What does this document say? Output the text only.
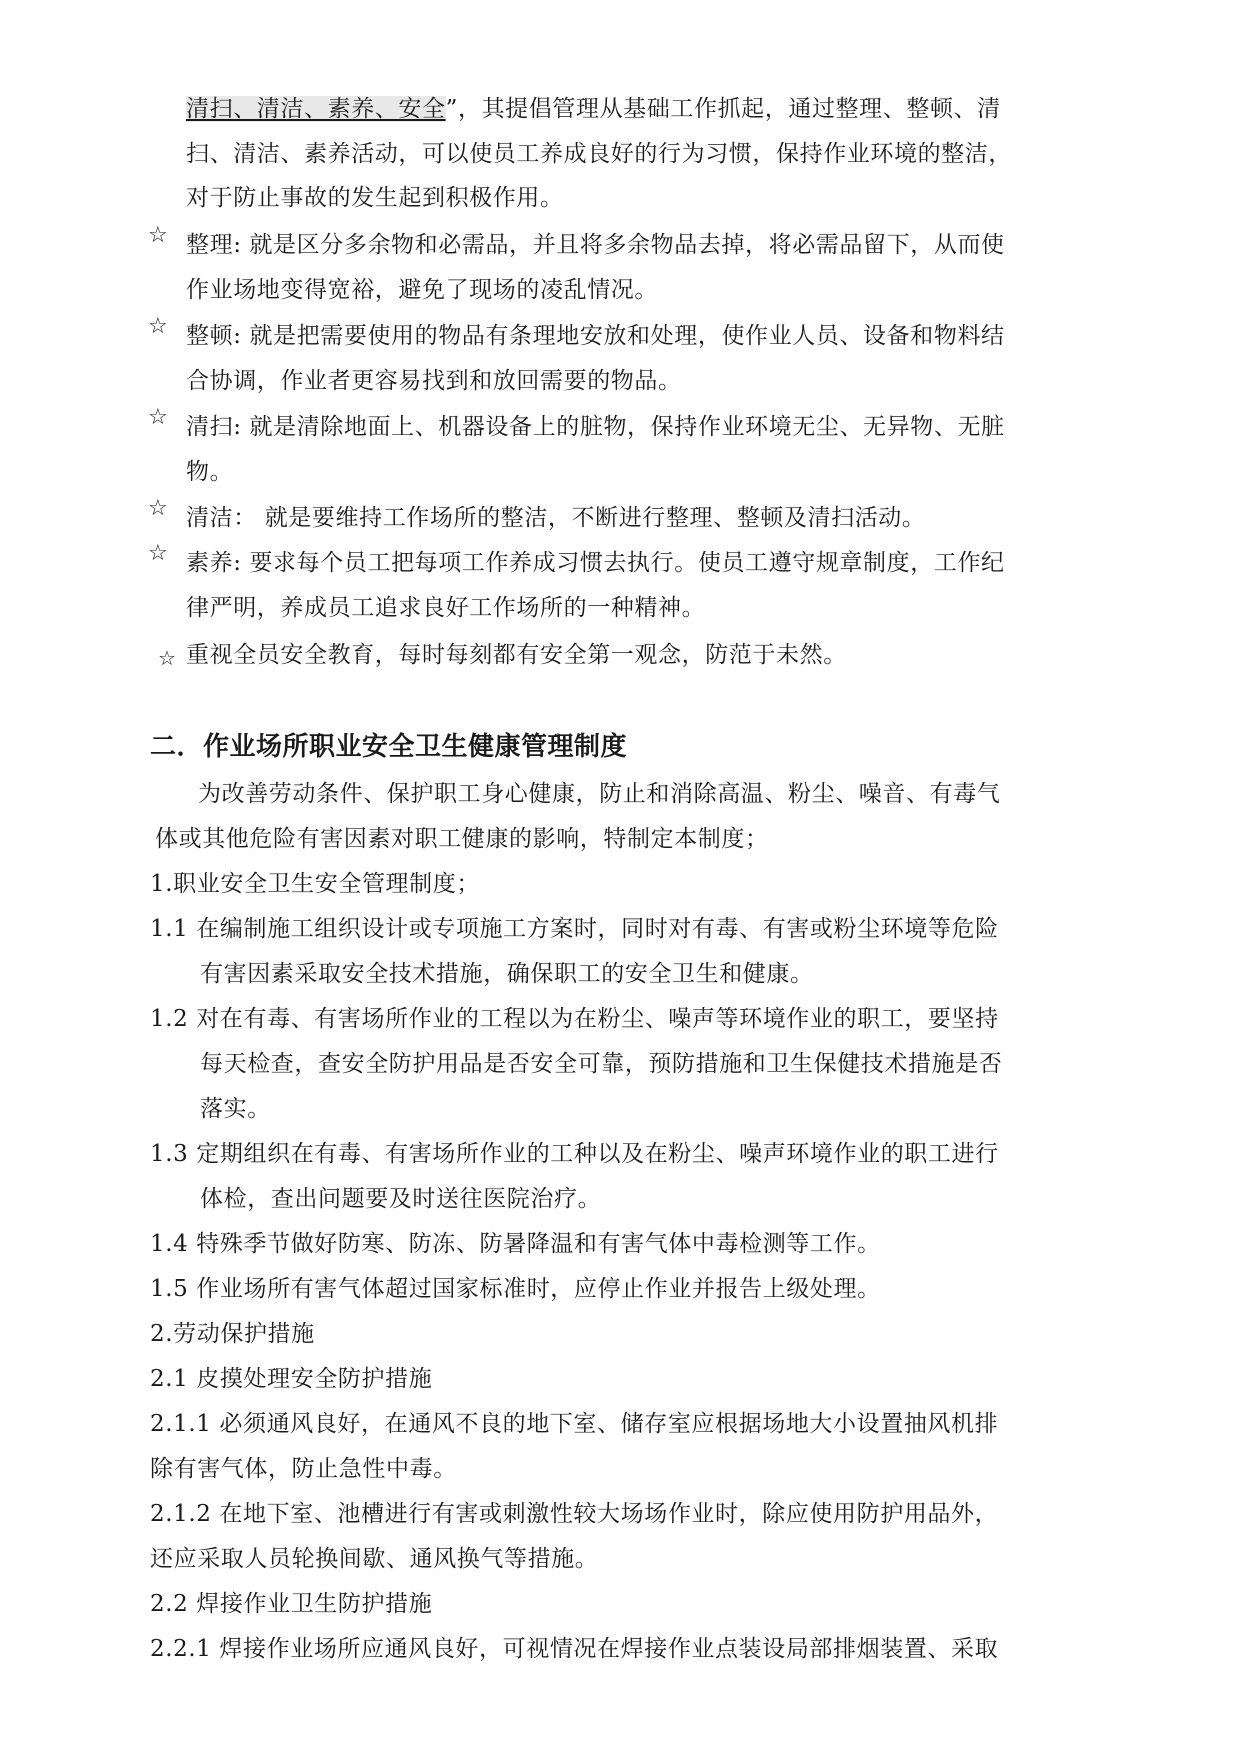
清扫、清洁、素养、安全”，其提倡管理从基础工作抓起，通过整理、整顿、清
扫、清洁、素养活动，可以使员工养成良好的行为习惯，保持作业环境的整洁，
对于防止事故的发生起到积极作用。
☆ 整理: 就是区分多余物和必需品，并且将多余物品去掉，将必需品留下，从而使
作业场地变得宽裕，避免了现场的凌乱情况。
☆ 整顿: 就是把需要使用的物品有条理地安放和处理，使作业人员、设备和物料结
合协调，作业者更容易找到和放回需要的物品。
☆ 清扫: 就是清除地面上、机器设备上的脏物，保持作业环境无尘、无异物、无脏
物。
☆ 清洁： 就是要维持工作场所的整洁，不断进行整理、整顿及清扫活动。
☆ 素养: 要求每个员工把每项工作养成习惯去执行。使员工遵守规章制度，工作纪
律严明，养成员工追求良好工作场所的一种精神。
☆ 重视全员安全教育，每时每刻都有安全第一观念，防范于未然。
二．作业场所职业安全卫生健康管理制度
为改善劳动条件、保护职工身心健康，防止和消除高温、粉尘、噪音、有毒气
体或其他危险有害因素对职工健康的影响，特制定本制度；
1.职业安全卫生安全管理制度；
1.1 在编制施工组织设计或专项施工方案时，同时对有毒、有害或粉尘环境等危险
有害因素采取安全技术措施，确保职工的安全卫生和健康。
1.2 对在有毒、有害场所作业的工程以为在粉尘、噪声等环境作业的职工，要坚持
每天检查，查安全防护用品是否安全可靠，预防措施和卫生保健技术措施是否
落实。
1.3 定期组织在有毒、有害场所作业的工种以及在粉尘、噪声环境作业的职工进行
体检，查出问题要及时送往医院治疗。
1.4 特殊季节做好防寒、防冻、防暑降温和有害气体中毒检测等工作。
1.5 作业场所有害气体超过国家标准时，应停止作业并报告上级处理。
2.劳动保护措施
2.1 皮摸处理安全防护措施
2.1.1 必须通风良好，在通风不良的地下室、储存室应根据场地大小设置抽风机排
除有害气体，防止急性中毒。
2.1.2 在地下室、池槽进行有害或刺激性较大场场作业时，除应使用防护用品外，
还应采取人员轮换间歇、通风换气等措施。
2.2 焊接作业卫生防护措施
2.2.1 焊接作业场所应通风良好，可视情况在焊接作业点装设局部排烟装置、采取
